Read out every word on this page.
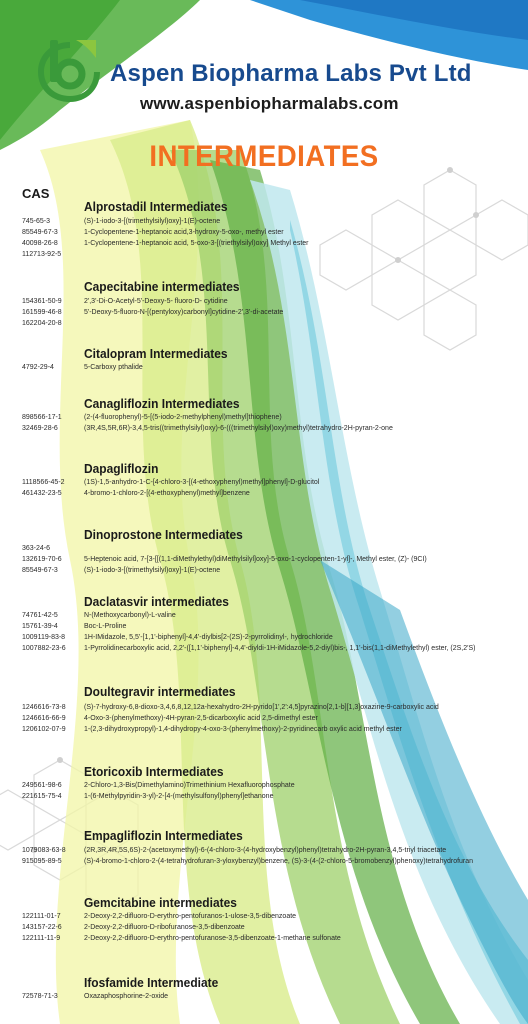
Aspen Biopharma Labs Pvt Ltd
www.aspenbiopharmalabs.com
INTERMEDIATES
CAS
Alprostadil Intermediates
745-65-3	(S)-1-iodo-3-[(trimethylsilyl)oxy]-1(E)-octene
85549-67-3	1-Cyclopentene-1-heptanoic acid,3-hydroxy-5-oxo-, methyl ester
40098-26-8	1-Cyclopentene-1-heptanoic acid, 5-oxo-3-[(triethylsilyl)oxy] Methyl ester
112713-92-5
Capecitabine intermediates
154361-50-9	2',3'-Di-O-Acetyl-5'-Deoxy-5- fluoro-D- cytidine
161599-46-8	5'-Deoxy-5-fluoro-N-[(pentyloxy)carbonyl]cytidine-2',3'-di-acetate
162204-20-8
Citalopram Intermediates
4792-29-4	5-Carboxy pthalide
Canagliflozin Intermediates
898566-17-1	(2-(4-fluorophenyl)-5-[(5-iodo-2-methylphenyl)methyl]thiophene)
32469-28-6	(3R,4S,5R,6R)-3,4,5-tris((trimethylsilyl)oxy)-6-(((trimethylsilyl)oxy)methyl)tetrahydro-2H-pyran-2-one
Dapagliflozin
1118566-45-2	(1S)-1,5-anhydro-1-C-[4-chloro-3-[(4-ethoxyphenyl)methyl]phenyl]-D-glucitol
461432-23-5	4-bromo-1-chloro-2-[(4-ethoxyphenyl)methyl]benzene
Dinoprostone Intermediates
363-24-6
132619-70-6	5-Heptenoic acid, 7-[3-[[(1,1-diMethylethyl)diMethylsilyl]oxy]-5-oxo-1-cyclopenten-1-yl]-, Methyl ester, (Z)- (9CI)
85549-67-3	(S)-1-iodo-3-[(trimethylsilyl)oxy]-1(E)-octene
Daclatasvir intermediates
74761-42-5	N-(Methoxycarbonyl)-L-valine
15761-39-4	Boc-L-Proline
1009119-83-8	1H-IMidazole, 5,5'-[1,1'-biphenyl]-4,4'-diylbis[2-(2S)-2-pyrrolidinyl-, hydrochloride
1007882-23-6	1-Pyrrolidinecarboxylic acid, 2,2'-([1,1'-biphenyl]-4,4'-diyldi-1H-iMidazole-5,2-diyl)bis-, 1,1'-bis(1,1-diMethylethyl) ester, (2S,2'S)
Doultegravir intermediates
1246616-73-8	(S)-7-hydroxy-6,8-dioxo-3,4,6,8,12,12a-hexahydro-2H-pyrido[1',2':4,5]pyrazino[2,1-b][1,3]oxazine-9-carboxylic acid
1246616-66-9	4-Oxo-3-(phenylmethoxy)-4H-pyran-2,5-dicarboxylic acid 2,5-dimethyl ester
1206102-07-9	1-(2,3-dihydroxypropyl)-1,4-dihydropy-4-oxo-3-(phenylmethoxy)-2-pyridinecarb oxylic acid methyl ester
Etoricoxib Intermediates
249561-98-6	2-Chloro-1,3-Bis(Dimethylamino)Trimethinium Hexafluorophosphate
221615-75-4	1-(6-Methylpyridin-3-yl)-2-[4-(methylsulfonyl)phenyl]ethanone
Empagliflozin Intermediates
1079083-63-8	(2R,3R,4R,5S,6S)-2-(acetoxymethyl)-6-(4-chloro-3-(4-hydroxybenzyl)phenyl)tetrahydro-2H-pyran-3,4,5-triyl triacetate
915095-89-5	(S)-4-bromo-1-chloro-2-(4-tetrahydrofuran-3-yloxybenzyl)benzene, (S)-3-(4-(2-chloro-5-bromobenzyl)phenoxy)tetrahydrofuran
Gemcitabine intermediates
122111-01-7	2-Deoxy-2,2-difluoro-D-erythro-pentofuranos-1-ulose-3,5-dibenzoate
143157-22-6	2-Deoxy-2,2-difluoro-D-ribofuranose-3,5-dibenzoate
122111-11-9	2-Deoxy-2,2-difluoro-D-erythro-pentofuranose-3,5-dibenzoate-1-methane sulfonate
Ifosfamide Intermediate
72578-71-3	Oxazaphosphorine-2-oxide
